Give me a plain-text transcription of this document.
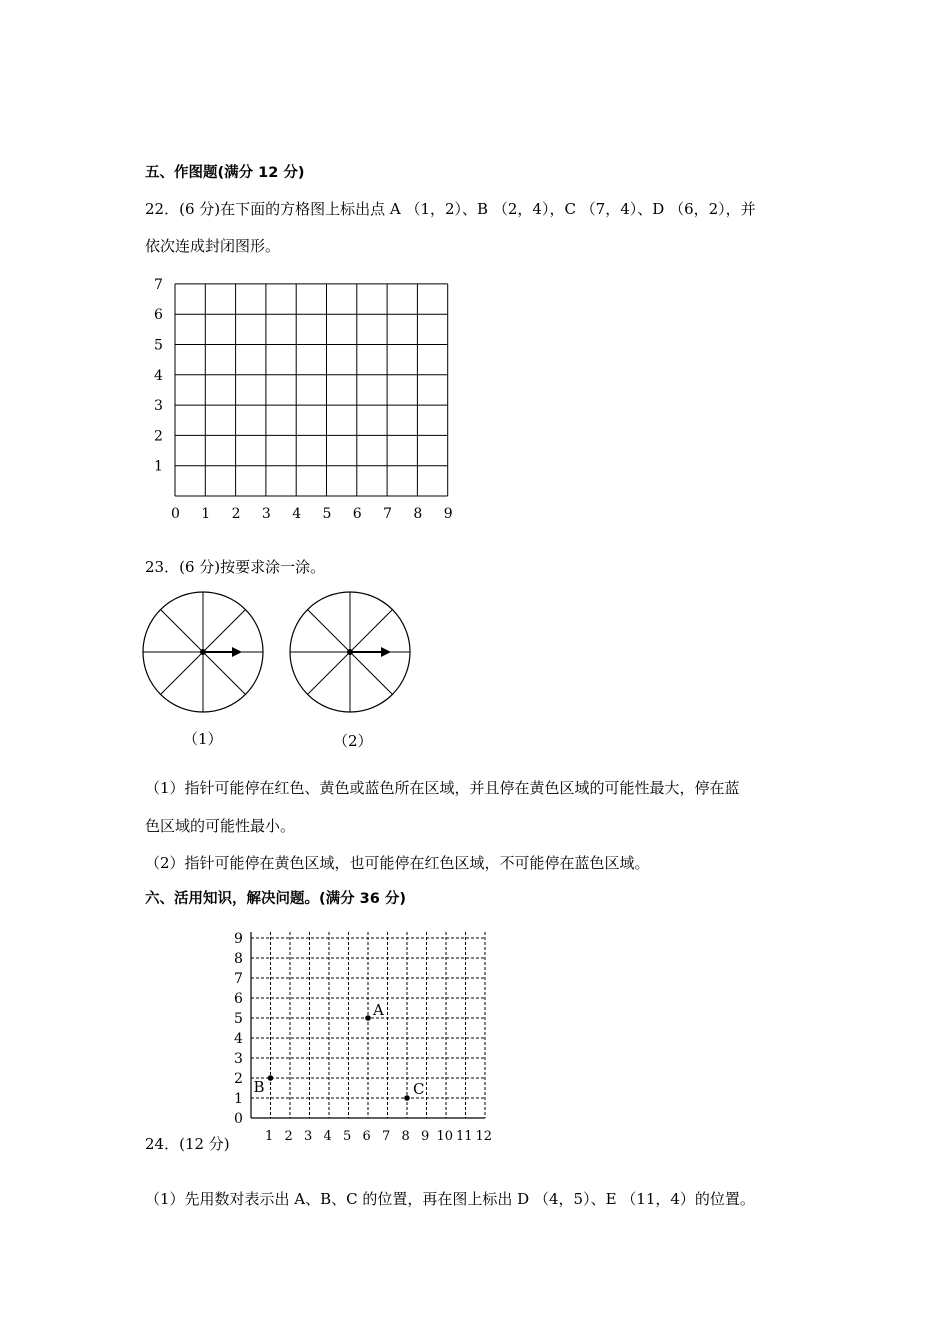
五、作图题(满分 12 分)
22．(6 分)在下面的方格图上标出点 A （1，2）、B （2，4），C （7，4）、D （6，2），并
依次连成封闭图形。
1
2
3
4
5
6
7
0 1 2 3 4 5 6 7 8 9
23．(6 分)按要求涂一涂。
（1）	（2）
（1）指针可能停在红色、黄色或蓝色所在区域，并且停在黄色区域的可能性最大，停在蓝
色区域的可能性最小。
（2）指针可能停在黄色区域，也可能停在红色区域，不可能停在蓝色区域。
六、活用知识，解决问题。(满分 36 分)
0
1
2
3
4
5
6
7
8
9
1 2 3 4 5 6 7 8 9 10 11 12
A
B	C
24．(12 分)
（1）先用数对表示出 A、B、C 的位置，再在图上标出 D （4，5）、E （11，4）的位置。
